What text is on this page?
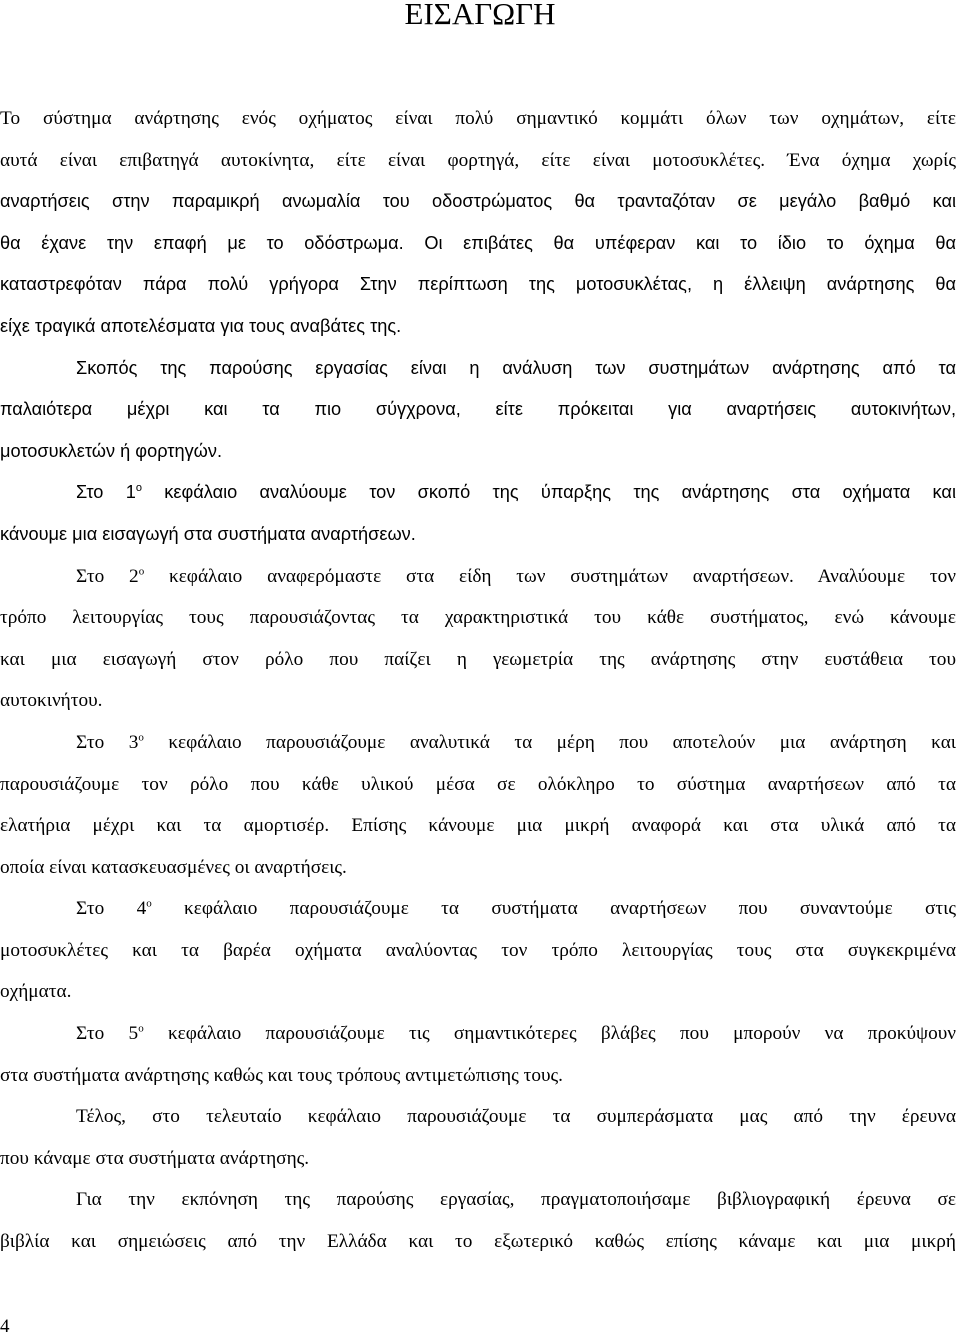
ΕΙΣΑΓΩΓΗ
Το σύστημα ανάρτησης ενός οχήματος είναι πολύ σημαντικό κομμάτι όλων των οχημάτων, είτε
αυτά είναι επιβατηγά αυτοκίνητα, είτε είναι φορτηγά, είτε είναι μοτοσυκλέτες. Ένα όχημα χωρίς
αναρτήσεις στην παραμικρή ανωμαλία του οδοστρώματος θα τρανταζόταν σε μεγάλο βαθμό και
θα έχανε την επαφή με το οδόστρωμα. Οι επιβάτες θα υπέφεραν και το ίδιο το όχημα θα
καταστρεφόταν πάρα πολύ γρήγορα Στην περίπτωση της μοτοσυκλέτας, η έλλειψη ανάρτησης θα
είχε τραγικά αποτελέσματα για τους αναβάτες της.
Σκοπός της παρούσης εργασίας είναι η ανάλυση των συστημάτων ανάρτησης από τα
παλαιότερα μέχρι και τα πιο σύγχρονα, είτε πρόκειται για αναρτήσεις αυτοκινήτων,
μοτοσυκλετών ή φορτηγών.
Στο $1^o$ κεφάλαιο αναλύουμε τον σκοπό της ύπαρξης της ανάρτησης στα οχήματα και
κάνουμε μια εισαγωγή στα συστήματα αναρτήσεων.
Στο $2^o$ κεφάλαιο αναφερόμαστε στα είδη των συστημάτων αναρτήσεων. Αναλύουμε τον
τρόπο λειτουργίας τους παρουσιάζοντας τα χαρακτηριστικά του κάθε συστήματος, ενώ κάνουμε
και μια εισαγωγή στον ρόλο που παίζει η γεωμετρία της ανάρτησης στην ευστάθεια του
αυτοκινήτου.
Στο $3^o$ κεφάλαιο παρουσιάζουμε αναλυτικά τα μέρη που αποτελούν μια ανάρτηση και
παρουσιάζουμε τον ρόλο που κάθε υλικού μέσα σε ολόκληρο το σύστημα αναρτήσεων από τα
ελατήρια μέχρι και τα αμορτισέρ. Επίσης κάνουμε μια μικρή αναφορά και στα υλικά από τα
οποία είναι κατασκευασμένες οι αναρτήσεις.
Στο $4^o$ κεφάλαιο παρουσιάζουμε τα συστήματα αναρτήσεων που συναντούμε στις
μοτοσυκλέτες και τα βαρέα οχήματα αναλύοντας τον τρόπο λειτουργίας τους στα συγκεκριμένα
οχήματα.
Στο $5^o$ κεφάλαιο παρουσιάζουμε τις σημαντικότερες βλάβες που μπορούν να προκύψουν
στα συστήματα ανάρτησης καθώς και τους τρόπους αντιμετώπισης τους.
Τέλος, στο τελευταίο κεφάλαιο παρουσιάζουμε τα συμπεράσματα μας από την έρευνα
που κάναμε στα συστήματα ανάρτησης.
Για την εκπόνηση της παρούσης εργασίας, πραγματοποιήσαμε βιβλιογραφική έρευνα σε
βιβλία και σημειώσεις από την Ελλάδα και το εξωτερικό καθώς επίσης κάναμε και μια μικρή
4
